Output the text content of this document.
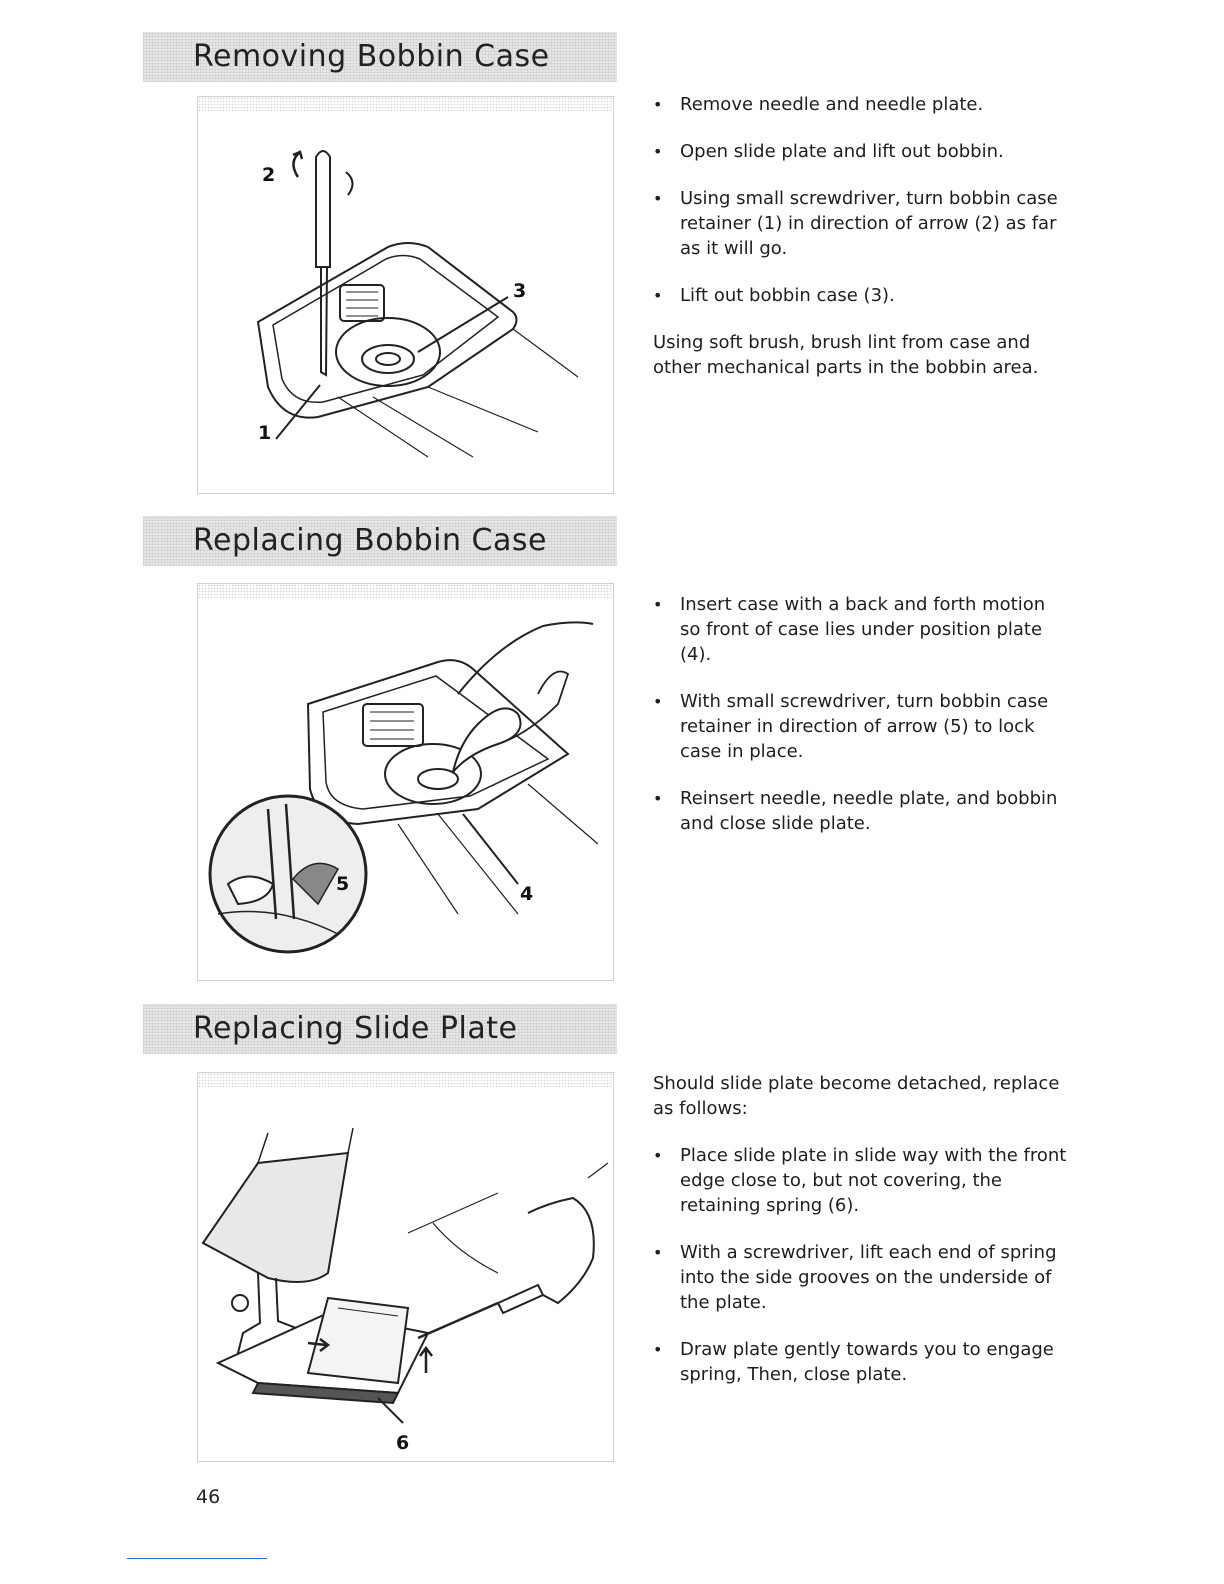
Removing Bobbin Case
2
3
1
• Remove needle and needle plate.
• Open slide plate and lift out bobbin.
• Using small screwdriver, turn bobbin case retainer (1) in direction of arrow (2) as far as it will go.
• Lift out bobbin case (3).

Using soft brush, brush lint from case and other mechanical parts in the bobbin area.

Replacing Bobbin Case
5	4
• Insert case with a back and forth motion so front of case lies under position plate (4).
• With small screwdriver, turn bobbin case retainer in direction of arrow (5) to lock case in place.
• Reinsert needle, needle plate, and bobbin and close slide plate.
Replacing Slide Plate
6

Should slide plate become detached, replace as follows:

• Place slide plate in slide way with the front edge close to, but not covering, the retaining spring (6).
• With a screwdriver, lift each end of spring into the side grooves on the underside of the plate.
• Draw plate gently towards you to engage spring, Then, close plate.
46
